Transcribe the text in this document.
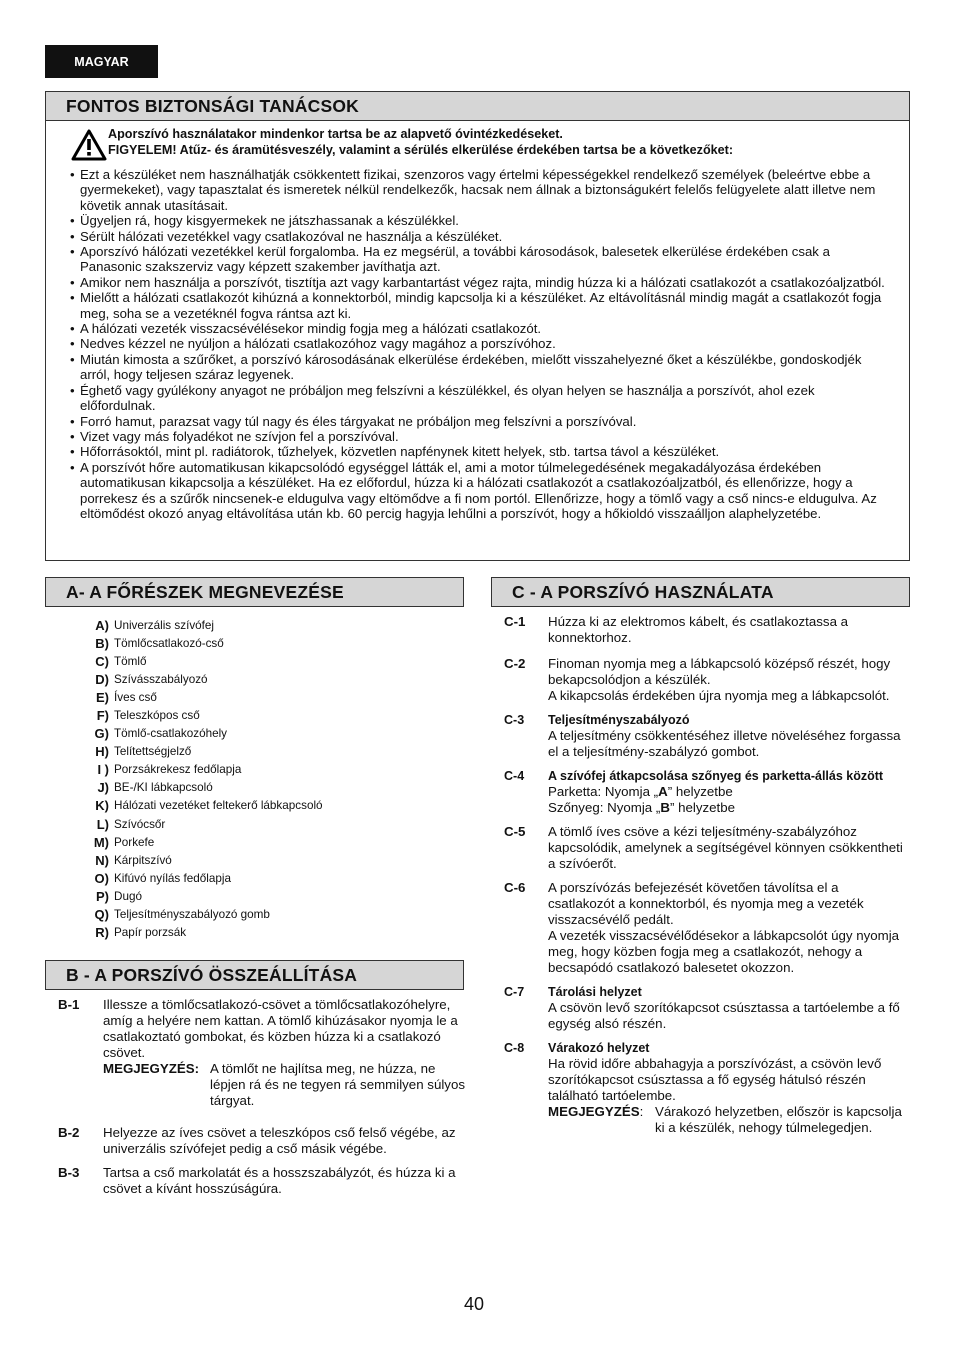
MAGYAR
FONTOS BIZTONSÁGI TANÁCSOK
Aporszívó használatakor mindenkor tartsa be az alapvető óvintézkedéseket.
FIGYELEM! Atűz- és áramütésveszély, valamint a sérülés elkerülése érdekében tartsa be a következőket:
• Ezt a készüléket nem használhatják csökkentett fizikai, szenzoros vagy értelmi képességekkel rendelkező személyek (beleértve ebbe a gyermekeket), vagy tapasztalat és ismeretek nélkül rendelkezők, hacsak nem állnak a biztonságukért felelős felügyelete alatt illetve nem követik annak utasításait.
• Ügyeljen rá, hogy kisgyermekek ne játszhassanak a készülékkel.
• Sérült hálózati vezetékkel vagy csatlakozóval ne használja a készüléket.
• Aporszívó hálózati vezetékkel kerül forgalomba. Ha ez megsérül, a további károsodások, balesetek elkerülése érdekében csak a Panasonic szakszerviz vagy képzett szakember javíthatja azt.
• Amikor nem használja a porszívót, tisztítja azt vagy karbantartást végez rajta, mindig húzza ki a hálózati csatlakozót a csatlakozóaljzatból.
• Mielőtt a hálózati csatlakozót kihúzná a konnektorból, mindig kapcsolja ki a készüléket. Az eltávolításnál mindig magát a csatlakozót fogja meg, soha se a vezetéknél fogva rántsa azt ki.
• A hálózati vezeték visszacsévélésekor mindig fogja meg a hálózati csatlakozót.
• Nedves kézzel ne nyúljon a hálózati csatlakozóhoz vagy magához a porszívóhoz.
• Miután kimosta a szűrőket, a porszívó károsodásának elkerülése érdekében, mielőtt visszahelyezné őket a készülékbe, gondoskodjék arról, hogy teljesen száraz legyenek.
• Éghető vagy gyúlékony anyagot ne próbáljon meg felszívni a készülékkel, és olyan helyen se használja a porszívót, ahol ezek előfordulnak.
• Forró hamut, parazsat vagy túl nagy és éles tárgyakat ne próbáljon meg felszívni a porszívóval.
• Vizet vagy más folyadékot ne szívjon fel a porszívóval.
• Hőforrásoktól, mint pl. radiátorok, tűzhelyek, közvetlen napfénynek kitett helyek, stb. tartsa távol a készüléket.
• A porszívót hőre automatikusan kikapcsolódó egységgel látták el, ami a motor túlmelegedésének megakadályozása érdekében automatikusan kikapcsolja a készüléket. Ha ez előfordul, húzza ki a hálózati csatlakozót a csatlakozóaljzatból, és ellenőrizze, hogy a porrekesz és a szűrők nincsenek-e eldugulva vagy eltömődve a fi nom portól. Ellenőrizze, hogy a tömlő vagy a cső nincs-e eldugulva. Az eltömődést okozó anyag eltávolítása után kb. 60 percig hagyja lehűlni a porszívót, hogy a hőkioldó visszaálljon alaphelyzetébe.
A- A FŐRÉSZEK MEGNEVEZÉSE
A) Univerzális szívófej
B) Tömlőcsatlakozó-cső
C) Tömlő
D) Szívásszabályozó
E) Íves cső
F) Teleszkópos cső
G) Tömlő-csatlakozóhely
H) Telítettségjelző
I ) Porzsákrekesz fedőlapja
J) BE-/KI lábkapcsoló
K) Hálózati vezetéket feltekerő lábkapcsoló
L) Szívócsőr
M) Porkefe
N) Kárpitszívó
O) Kifúvó nyílás fedőlapja
P) Dugó
Q) Teljesítményszabályozó gomb
R) Papír porzsák
B - A PORSZÍVÓ ÖSSZEÁLLÍTÁSA
B-1	Illessze a tömlőcsatlakozó-csövet a tömlőcsatlakozóhelyre, amíg a helyére nem kattan. A tömlő kihúzásakor nyomja le a csatlakoztató gombokat, és közben húzza ki a csatlakozó csövet.
MEGJEGYZÉS: A tömlőt ne hajlítsa meg, ne húzza, ne lépjen rá és ne tegyen rá semmilyen súlyos tárgyat.
B-2	Helyezze az íves csövet a teleszkópos cső felső végébe, az univerzális szívófejet pedig a cső másik végébe.
B-3	Tartsa a cső markolatát és a hosszszabályzót, és húzza ki a csövet a kívánt hosszúságúra.
C - A PORSZÍVÓ HASZNÁLATA
C-1	Húzza ki az elektromos kábelt, és csatlakoztassa a konnektorhoz.
C-2	Finoman nyomja meg a lábkapcsoló középső részét, hogy bekapcsolódjon a készülék.
A kikapcsolás érdekében újra nyomja meg a lábkapcsolót.
C-3	Teljesítményszabályozó
A teljesítmény csökkentéséhez illetve növeléséhez forgassa el a teljesítmény-szabályzó gombot.
C-4	A szívófej átkapcsolása szőnyeg és parketta-állás között
Parketta: Nyomja „A” helyzetbe
Szőnyeg: Nyomja „B” helyzetbe
C-5	A tömlő íves csöve a kézi teljesítmény-szabályzóhoz kapcsolódik, amelynek a segítségével könnyen csökkentheti a szívóerőt.
C-6	A porszívózás befejezését követően távolítsa el a csatlakozót a konnektorból, és nyomja meg a vezeték visszacsévélő pedált.
A vezeték visszacsévélődésekor a lábkapcsolót úgy nyomja meg, hogy közben fogja meg a csatlakozót, nehogy a becsapódó csatlakozó balesetet okozzon.
C-7	Tárolási helyzet
A csövön levő szorítókapcsot csúsztassa a tartóelembe a fő egység alsó részén.
C-8	Várakozó helyzet
Ha rövid időre abbahagyja a porszívózást, a csövön levő szorítókapcsot csúsztassa a fő egység hátulsó részén található tartóelembe.
MEGJEGYZÉS: Várakozó helyzetben, először is kapcsolja ki a készülék, nehogy túlmelegedjen.
40
